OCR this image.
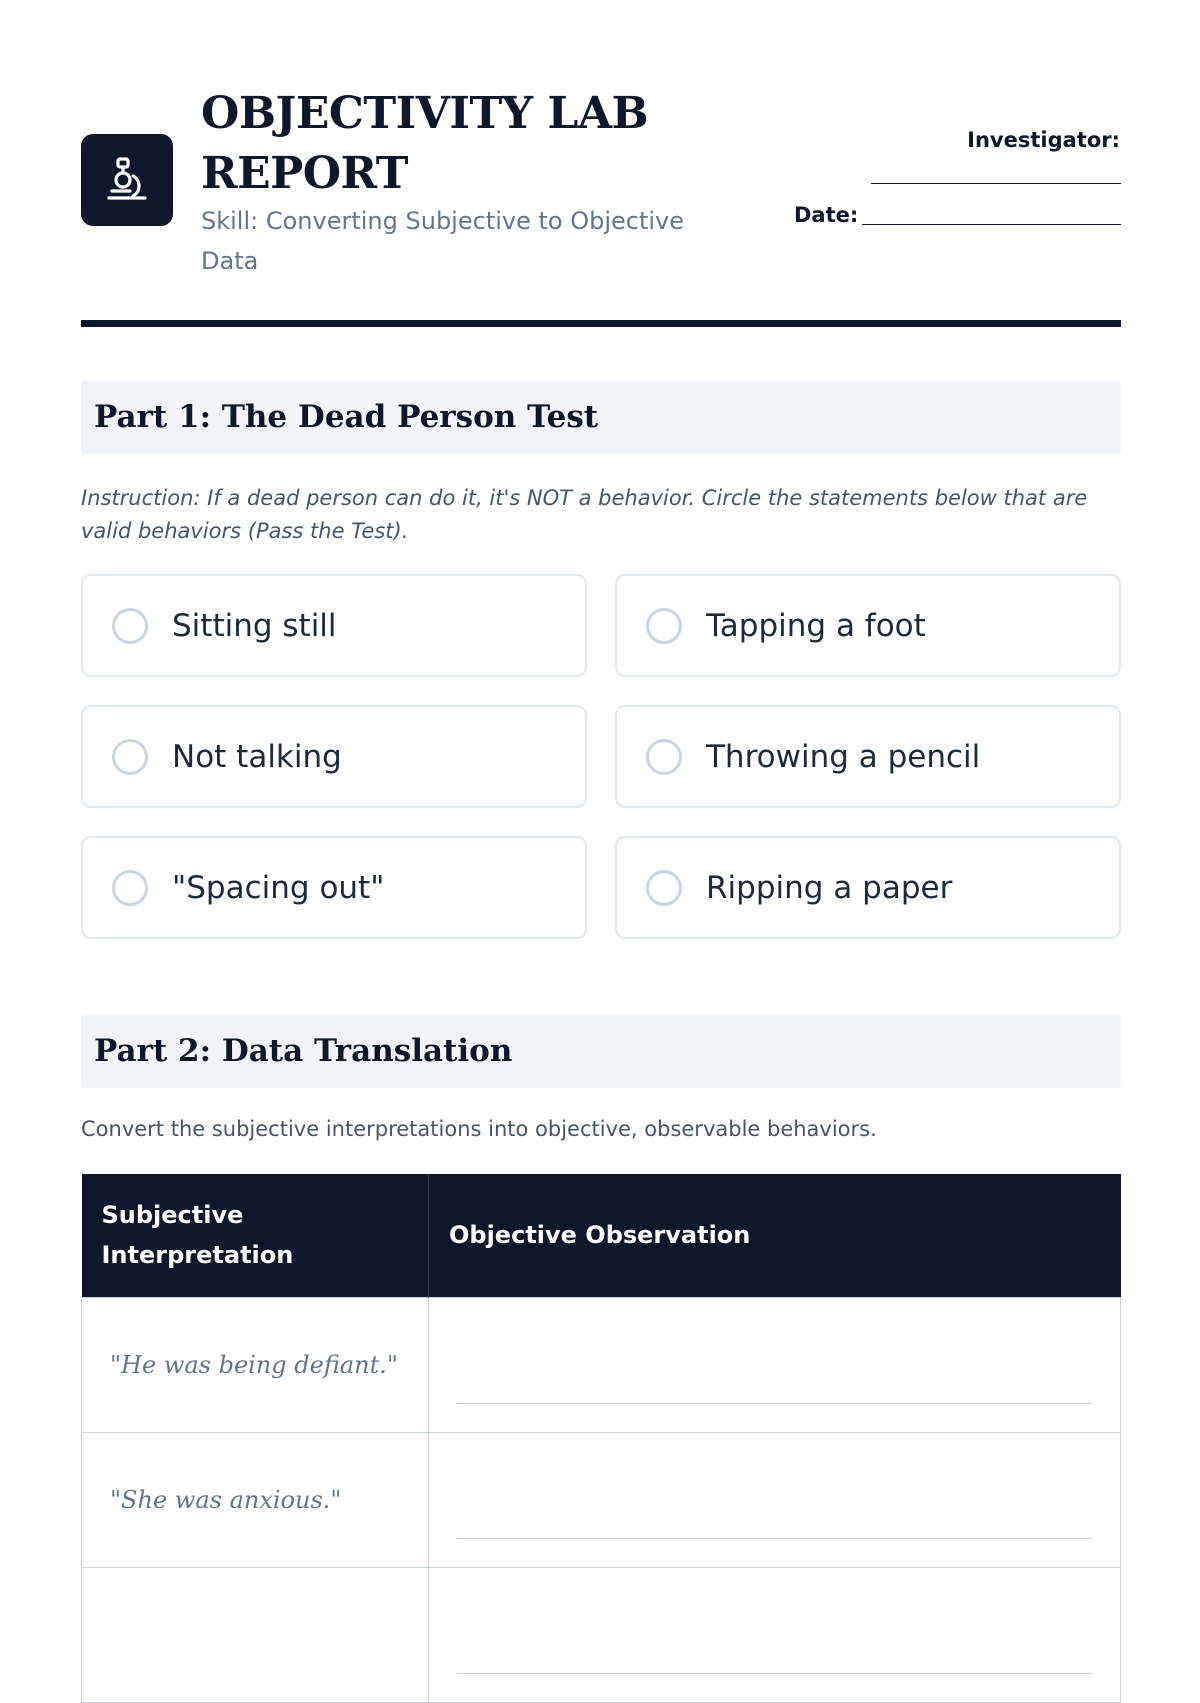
OBJECTIVITY LAB REPORT
Skill: Converting Subjective to Objective Data
Investigator:
Date:
Part 1: The Dead Person Test
Instruction: If a dead person can do it, it's NOT a behavior. Circle the statements below that are valid behaviors (Pass the Test).
Sitting still	Tapping a foot
Not talking	Throwing a pencil
"Spacing out"	Ripping a paper
Part 2: Data Translation
Convert the subjective interpretations into objective, observable behaviors.
Subjective Interpretation	Objective Observation
"He was being defiant."	

"She was anxious."	
